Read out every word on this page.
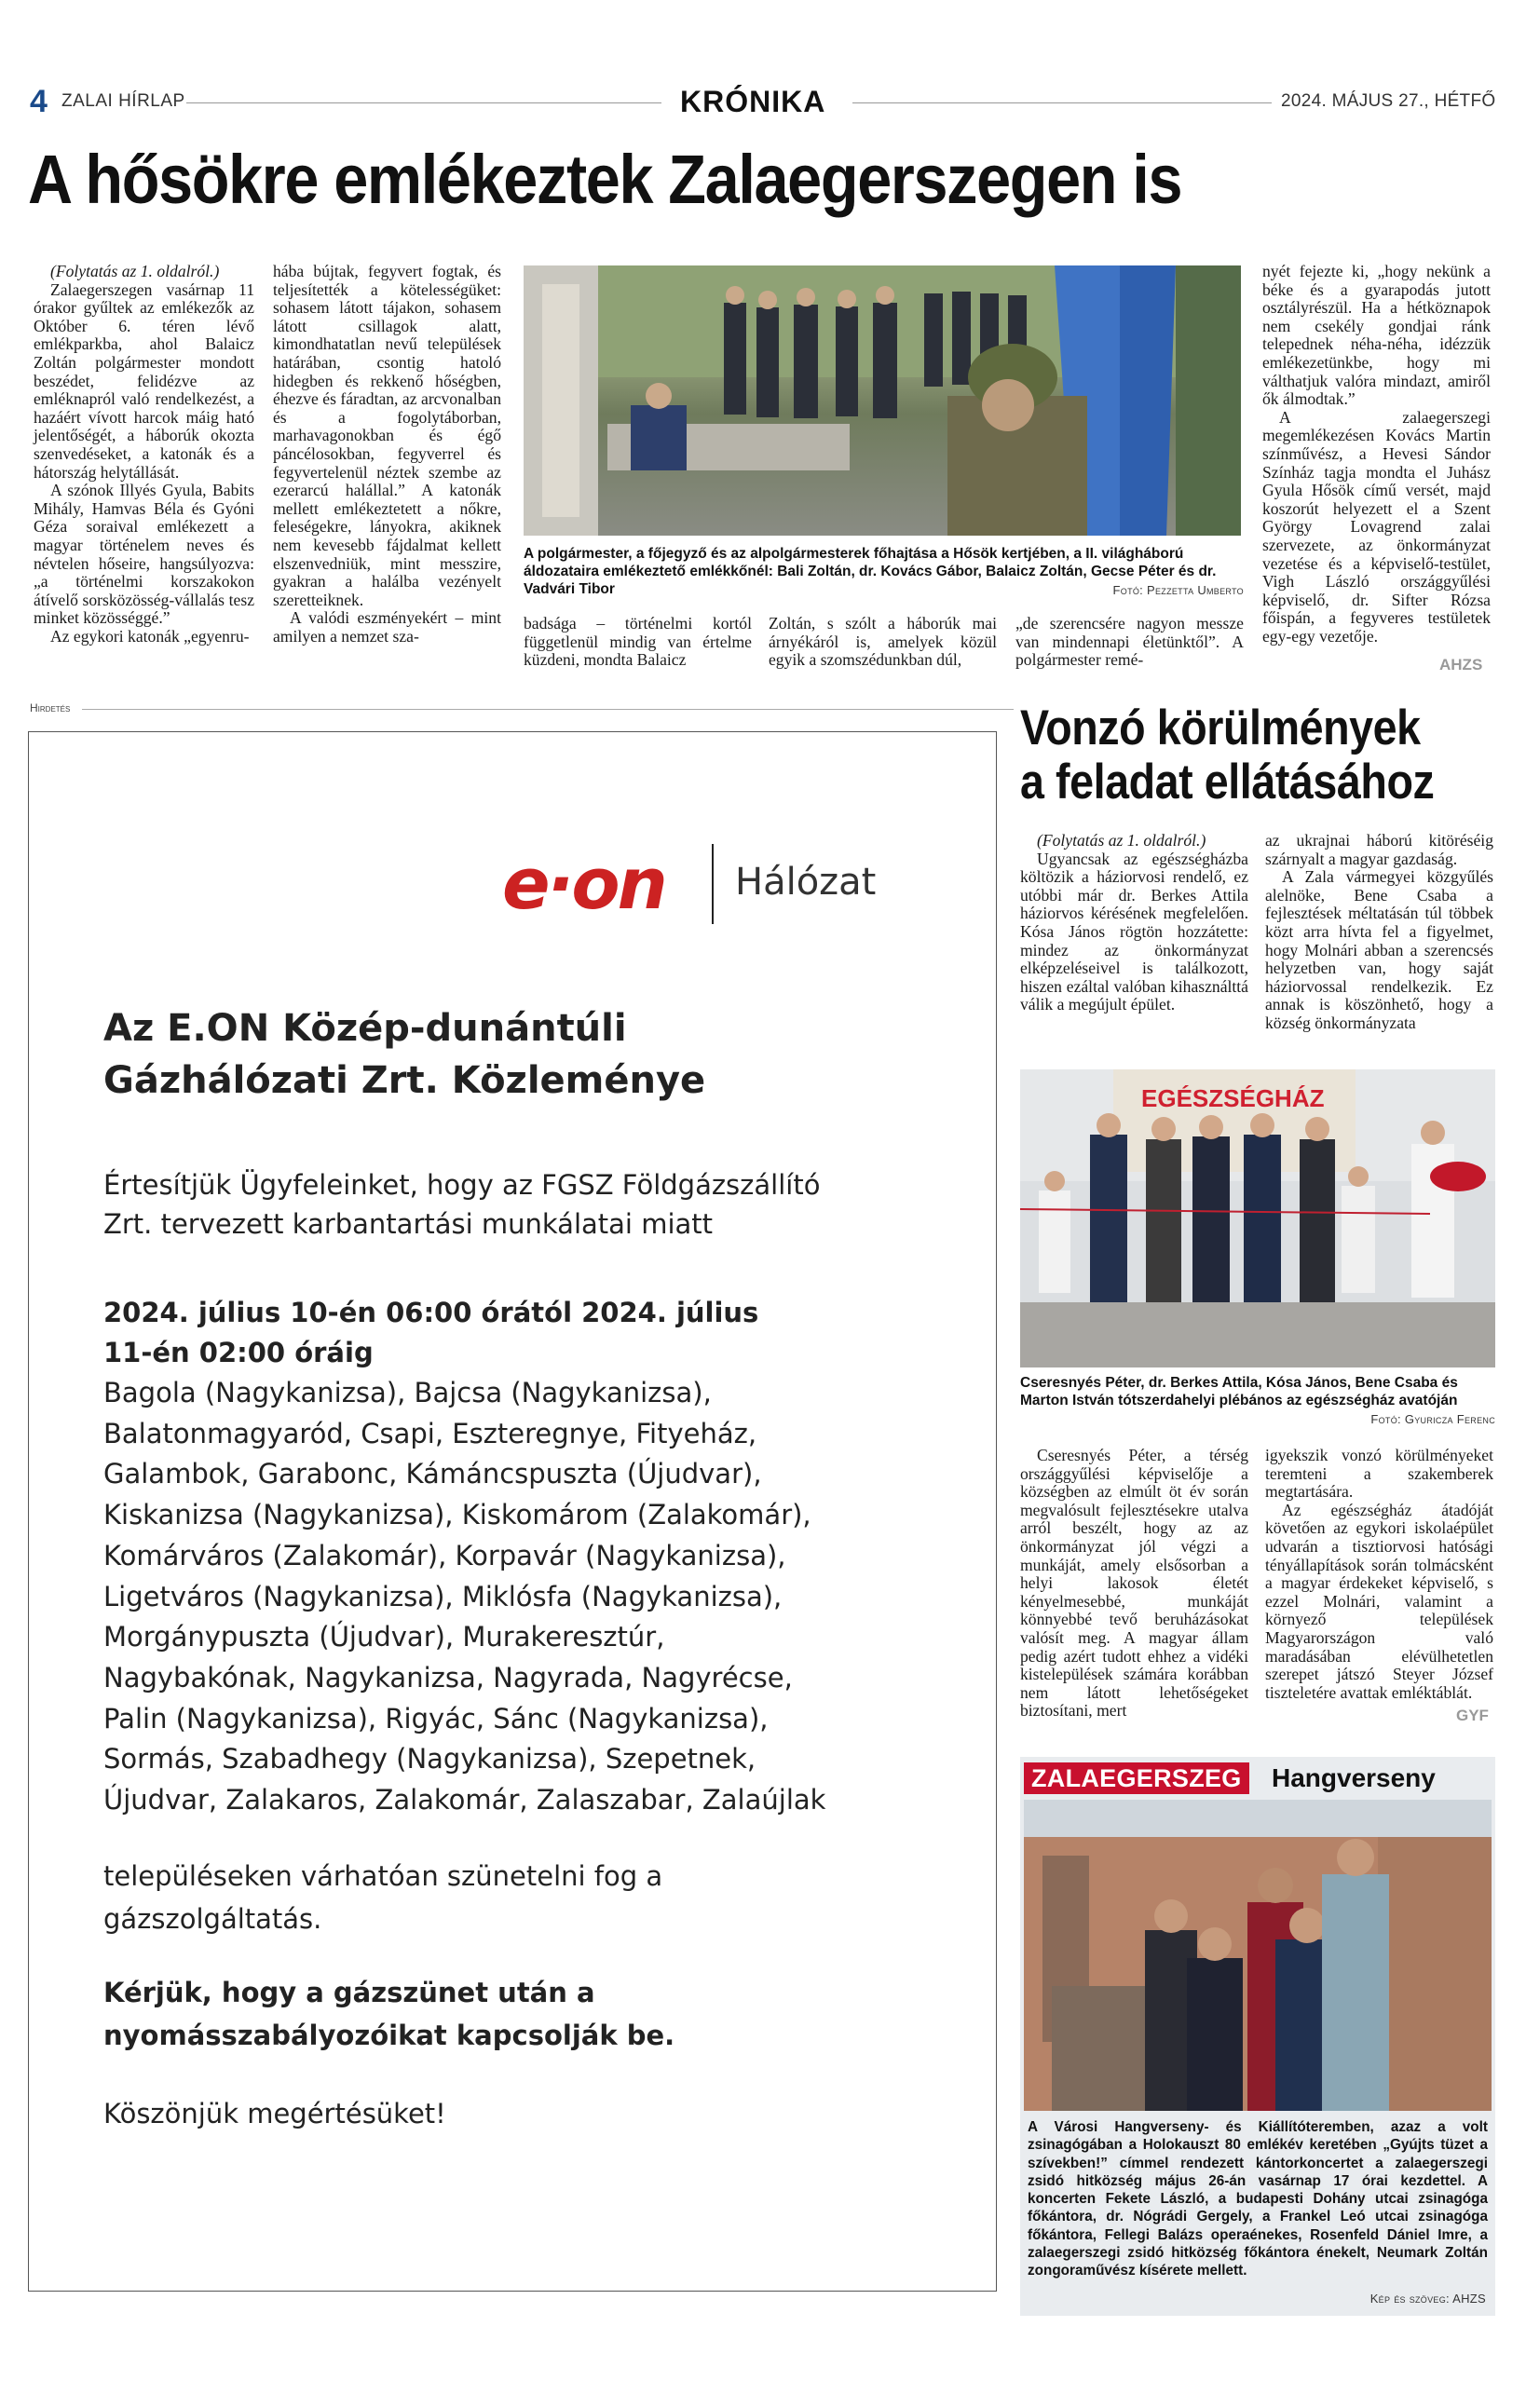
4 ZALAI HÍRLAP	KRÓNIKA	2024. MÁJUS 27., HÉTFŐ
A hősökre emlékeztek Zalaegerszegen is

(Folytatás az 1. oldalról.)

Zalaegerszegen vasárnap 11 órakor gyűltek az emlékezők az Október 6. téren lévő emlékparkba, ahol Balaicz Zoltán polgármester mondott beszédet, felidézve az emléknapról való rendelkezést, a hazáért vívott harcok máig ható jelentőségét, a háborúk okozta szenvedéseket, a katonák és a hátország helytállását.

A szónok Illyés Gyula, Babits Mihály, Hamvas Béla és Gyóni Géza soraival emlékezett a magyar történelem neves és névtelen hőseire, hangsúlyozva: „a történelmi korszakokon átívelő sorsközösség-vállalás tesz minket közösséggé.”

Az egykori katonák „egyenru-

hába bújtak, fegyvert fogtak, és teljesítették a kötelességüket: sohasem látott tájakon, sohasem látott csillagok alatt, kimondhatatlan nevű települések határában, csontig hatoló hidegben és rekkenő hőségben, éhezve és fáradtan, az arcvonalban és a fogolytáborban, marhavagonokban és égő páncélosokban, fegyverrel és fegyvertelenül néztek szembe az ezerarcú halállal.” A katonák mellett emlékeztetett a nőkre, feleségekre, lányokra, akiknek nem kevesebb fájdalmat kellett elszenvedniük, mint messzire, gyakran a halálba vezényelt szeretteiknek.

A valódi eszményekért – mint amilyen a nemzet sza-

A polgármester, a főjegyző és az alpolgármesterek főhajtása a Hősök kertjében, a II. világháború áldozataira emlékeztető emlékkőnél: Bali Zoltán, dr. Kovács Gábor, Balaicz Zoltán, Gecse Péter és dr. Vadvári Tibor	Fotó: Pezzetta Umberto

badsága – történelmi kortól függetlenül mindig van értelme küzdeni, mondta Balaicz

Zoltán, s szólt a háborúk mai árnyékáról is, amelyek közül egyik a szomszédunkban dúl,

„de szerencsére nagyon messze van mindennapi életünktől”. A polgármester remé-

nyét fejezte ki, „hogy nekünk a béke és a gyarapodás jutott osztályrészül. Ha a hétköznapok nem csekély gondjai ránk telepednek néha-néha, idézzük emlékezetünkbe, hogy mi válthatjuk valóra mindazt, amiről ők álmodtak.”

A zalaegerszegi megemlékezésen Kovács Martin színművész, a Hevesi Sándor Színház tagja mondta el Juhász Gyula Hősök című versét, majd koszorút helyezett el a Szent György Lovagrend zalai szervezete, az önkormányzat vezetése és a képviselő-testület, Vigh László országgyűlési képviselő, dr. Sifter Rózsa főispán, a fegyveres testületek egy-egy vezetője.

AHZS
Hirdetés
e·on Hálózat
Az E.ON Közép-dunántúli Gázhálózati Zrt. Közleménye
Értesítjük Ügyfeleinket, hogy az FGSZ Földgázszállító Zrt. tervezett karbantartási munkálatai miatt
2024. július 10-én 06:00 órától 2024. július 11-én 02:00 óráig
Bagola (Nagykanizsa), Bajcsa (Nagykanizsa), Balatonmagyaród, Csapi, Eszteregnye, Fityeház, Galambok, Garabonc, Kámáncspuszta (Újudvar), Kiskanizsa (Nagykanizsa), Kiskomárom (Zalakomár), Komárváros (Zalakomár), Korpavár (Nagykanizsa), Ligetváros (Nagykanizsa), Miklósfa (Nagykanizsa), Morgánypuszta (Újudvar), Murakeresztúr, Nagybakónak, Nagykanizsa, Nagyrada, Nagyrécse, Palin (Nagykanizsa), Rigyác, Sánc (Nagykanizsa), Sormás, Szabadhegy (Nagykanizsa), Szepetnek, Újudvar, Zalakaros, Zalakomár, Zalaszabar, Zalaújlak
településeken várhatóan szünetelni fog a gázszolgáltatás.
Kérjük, hogy a gázszünet után a nyomásszabályozóikat kapcsolják be.
Köszönjük megértésüket!
Vonzó körülmények
a feladat ellátásához

(Folytatás az 1. oldalról.)

Ugyancsak az egészségházba költözik a háziorvosi rendelő, ez utóbbi már dr. Berkes Attila háziorvos kérésének megfelelően. Kósa János rögtön hozzátette: mindez az önkormányzat elképzeléseivel is találkozott, hiszen ezáltal valóban kihasználttá válik a megújult épület.

az ukrajnai háború kitöréséig szárnyalt a magyar gazdaság.

A Zala vármegyei közgyűlés alelnöke, Bene Csaba a fejlesztések méltatásán túl többek közt arra hívta fel a figyelmet, hogy Molnári abban a szerencsés helyzetben van, hogy saját háziorvossal rendelkezik. Ez annak is köszönhető, hogy a község önkormányzata

EGÉSZSÉGHÁZ
Cseresnyés Péter, dr. Berkes Attila, Kósa János, Bene Csaba és Marton István tótszerdahelyi plébános az egészségház avatóján
Fotó: Gyuricza Ferenc

Cseresnyés Péter, a térség országgyűlési képviselője a községben az elmúlt öt év során megvalósult fejlesztésekre utalva arról beszélt, hogy az az önkormányzat jól végzi a munkáját, amely elsősorban a helyi lakosok életét kényelmesebbé, munkáját könnyebbé tevő beruházásokat valósít meg. A magyar állam pedig azért tudott ehhez a vidéki kistelepülések számára korábban nem látott lehetőségeket biztosítani, mert

igyekszik vonzó körülményeket teremteni a szakemberek megtartására.

Az egészségház átadóját követően az egykori iskolaépület udvarán a tisztiorvosi hatósági tényállapítások során tolmácsként a magyar érdekeket képviselő, s ezzel Molnári, valamint a környező települések Magyarországon való maradásában elévülhetetlen szerepet játszó Steyer József tiszteletére avattak emléktáblát.

GYF
ZALAEGERSZEG Hangverseny
A Városi Hangverseny- és Kiállítóteremben, azaz a volt zsinagógában a Holokauszt 80 emlékév keretében „Gyújts tüzet a szívekben!” címmel rendezett kántorkoncertet a zalaegerszegi zsidó hitközség május 26-án vasárnap 17 órai kezdettel. A koncerten Fekete László, a budapesti Dohány utcai zsinagóga főkántora, dr. Nógrádi Gergely, a Frankel Leó utcai zsinagóga főkántora, Fellegi Balázs operaénekes, Rosenfeld Dániel Imre, a zalaegerszegi zsidó hitközség főkántora énekelt, Neumark Zoltán zongoraművész kísérete mellett.
Kép és szöveg: AHZS
